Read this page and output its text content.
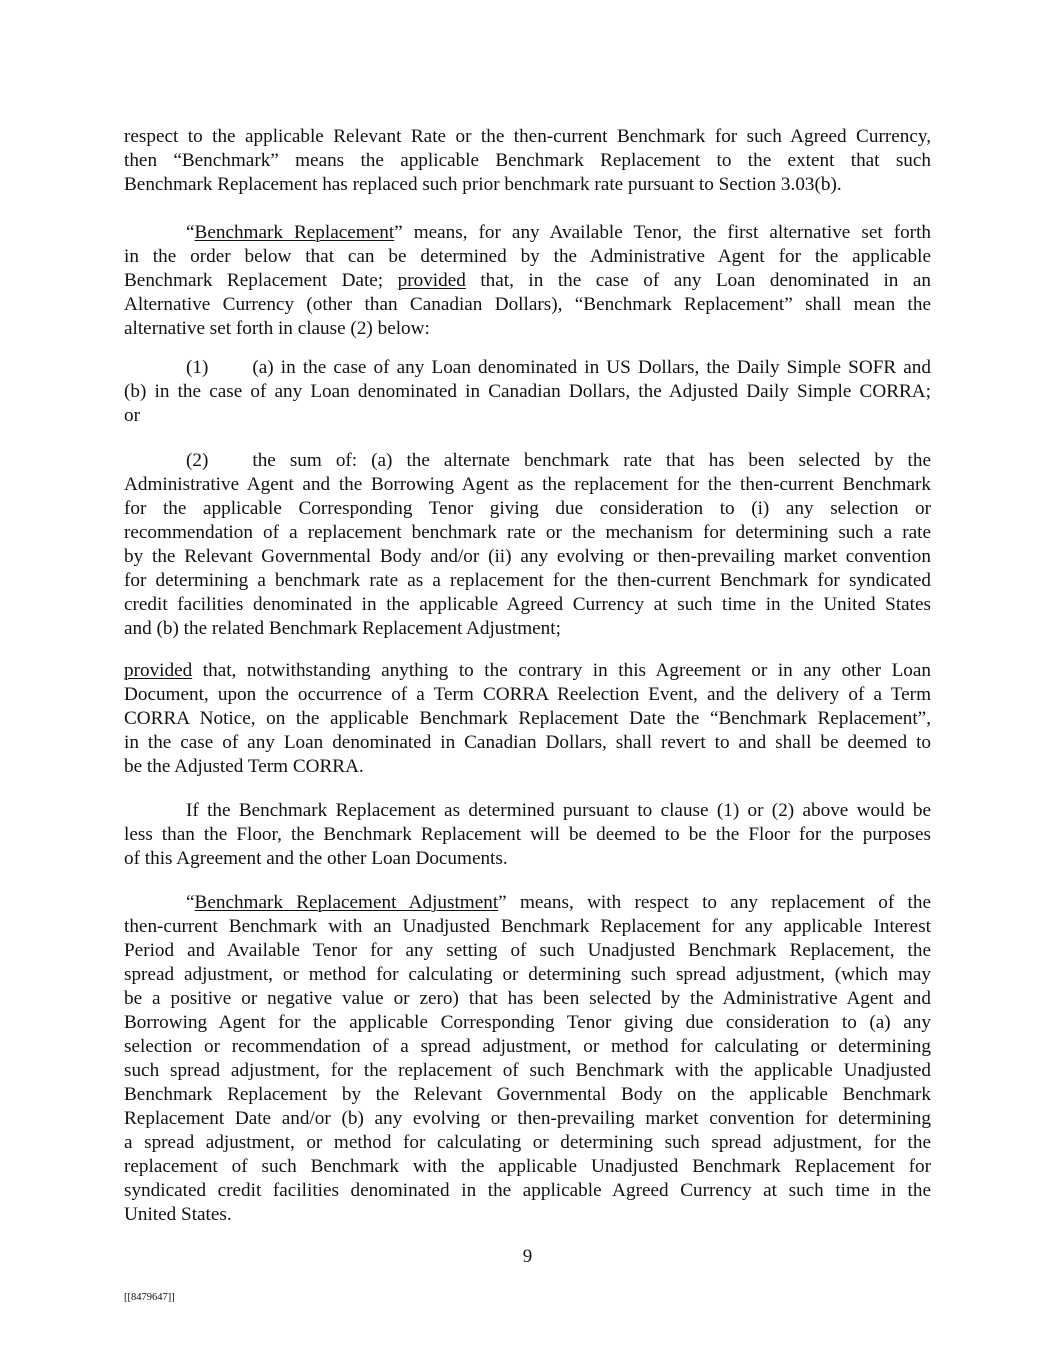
respect to the applicable Relevant Rate or the then-current Benchmark for such Agreed Currency,
then “Benchmark” means the applicable Benchmark Replacement to the extent that such
Benchmark Replacement has replaced such prior benchmark rate pursuant to Section 3.03(b).
“Benchmark Replacement” means, for any Available Tenor, the first alternative set forth
in the order below that can be determined by the Administrative Agent for the applicable
Benchmark Replacement Date; provided that, in the case of any Loan denominated in an
Alternative Currency (other than Canadian Dollars), “Benchmark Replacement” shall mean the
alternative set forth in clause (2) below:
(1) (a) in the case of any Loan denominated in US Dollars, the Daily Simple SOFR and
(b) in the case of any Loan denominated in Canadian Dollars, the Adjusted Daily Simple CORRA;
or
(2) the sum of: (a) the alternate benchmark rate that has been selected by the
Administrative Agent and the Borrowing Agent as the replacement for the then-current Benchmark
for the applicable Corresponding Tenor giving due consideration to (i) any selection or
recommendation of a replacement benchmark rate or the mechanism for determining such a rate
by the Relevant Governmental Body and/or (ii) any evolving or then-prevailing market convention
for determining a benchmark rate as a replacement for the then-current Benchmark for syndicated
credit facilities denominated in the applicable Agreed Currency at such time in the United States
and (b) the related Benchmark Replacement Adjustment;
provided that, notwithstanding anything to the contrary in this Agreement or in any other Loan
Document, upon the occurrence of a Term CORRA Reelection Event, and the delivery of a Term
CORRA Notice, on the applicable Benchmark Replacement Date the “Benchmark Replacement”,
in the case of any Loan denominated in Canadian Dollars, shall revert to and shall be deemed to
be the Adjusted Term CORRA.
If the Benchmark Replacement as determined pursuant to clause (1) or (2) above would be
less than the Floor, the Benchmark Replacement will be deemed to be the Floor for the purposes
of this Agreement and the other Loan Documents.
“Benchmark Replacement Adjustment” means, with respect to any replacement of the
then-current Benchmark with an Unadjusted Benchmark Replacement for any applicable Interest
Period and Available Tenor for any setting of such Unadjusted Benchmark Replacement, the
spread adjustment, or method for calculating or determining such spread adjustment, (which may
be a positive or negative value or zero) that has been selected by the Administrative Agent and
Borrowing Agent for the applicable Corresponding Tenor giving due consideration to (a) any
selection or recommendation of a spread adjustment, or method for calculating or determining
such spread adjustment, for the replacement of such Benchmark with the applicable Unadjusted
Benchmark Replacement by the Relevant Governmental Body on the applicable Benchmark
Replacement Date and/or (b) any evolving or then-prevailing market convention for determining
a spread adjustment, or method for calculating or determining such spread adjustment, for the
replacement of such Benchmark with the applicable Unadjusted Benchmark Replacement for
syndicated credit facilities denominated in the applicable Agreed Currency at such time in the
United States.
9
[[8479647]]
